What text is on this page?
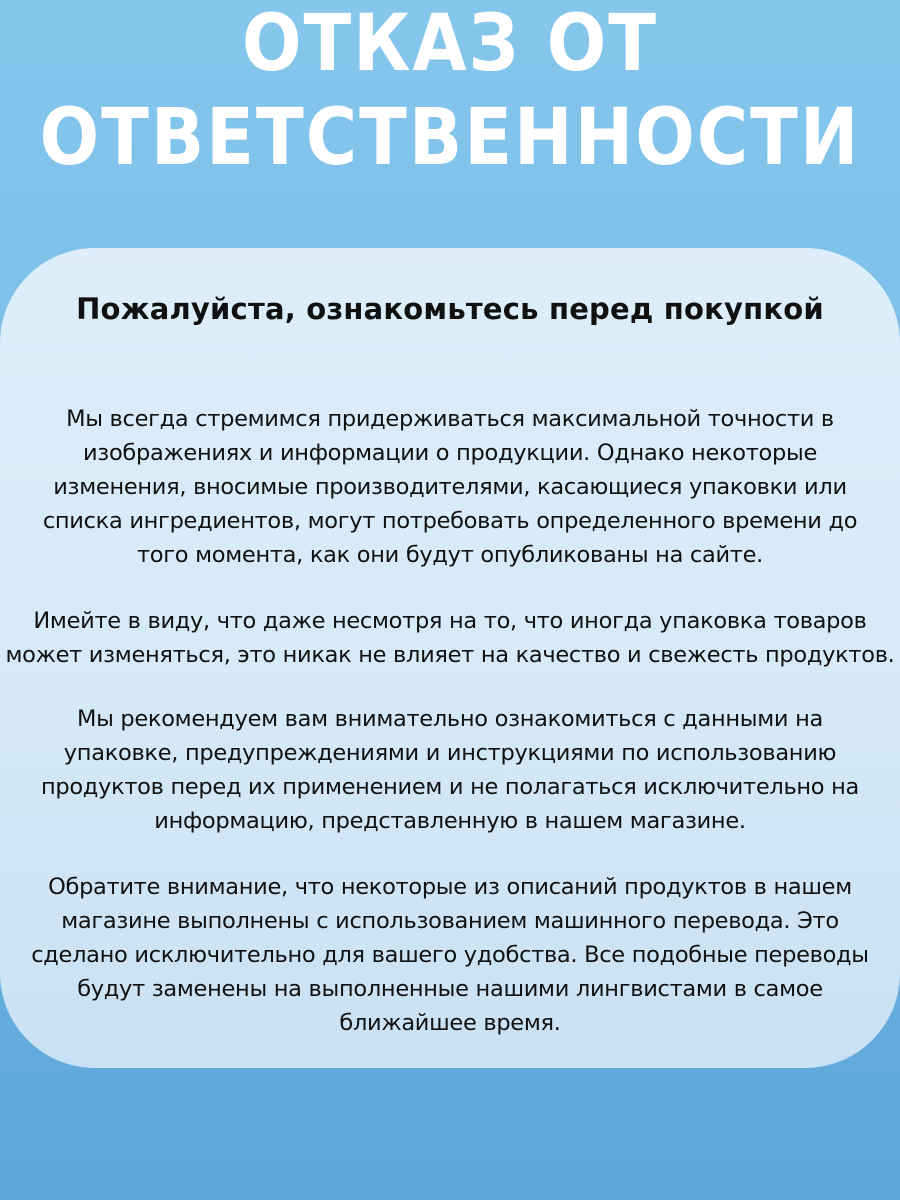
ОТКАЗ ОТ
ОТВЕТСТВЕННОСТИ
Пожалуйста, ознакомьтесь перед покупкой

Мы всегда стремимся придерживаться максимальной точности в
изображениях и информации о продукции. Однако некоторые
изменения, вносимые производителями, касающиеся упаковки или
списка ингредиентов, могут потребовать определенного времени до
того момента, как они будут опубликованы на сайте.

Имейте в виду, что даже несмотря на то, что иногда упаковка товаров
может изменяться, это никак не влияет на качество и свежесть продуктов.

Мы рекомендуем вам внимательно ознакомиться с данными на
упаковке, предупреждениями и инструкциями по использованию
продуктов перед их применением и не полагаться исключительно на
информацию, представленную в нашем магазине.

Обратите внимание, что некоторые из описаний продуктов в нашем
магазине выполнены с использованием машинного перевода. Это
сделано исключительно для вашего удобства. Все подобные переводы
будут заменены на выполненные нашими лингвистами в самое
ближайшее время.
